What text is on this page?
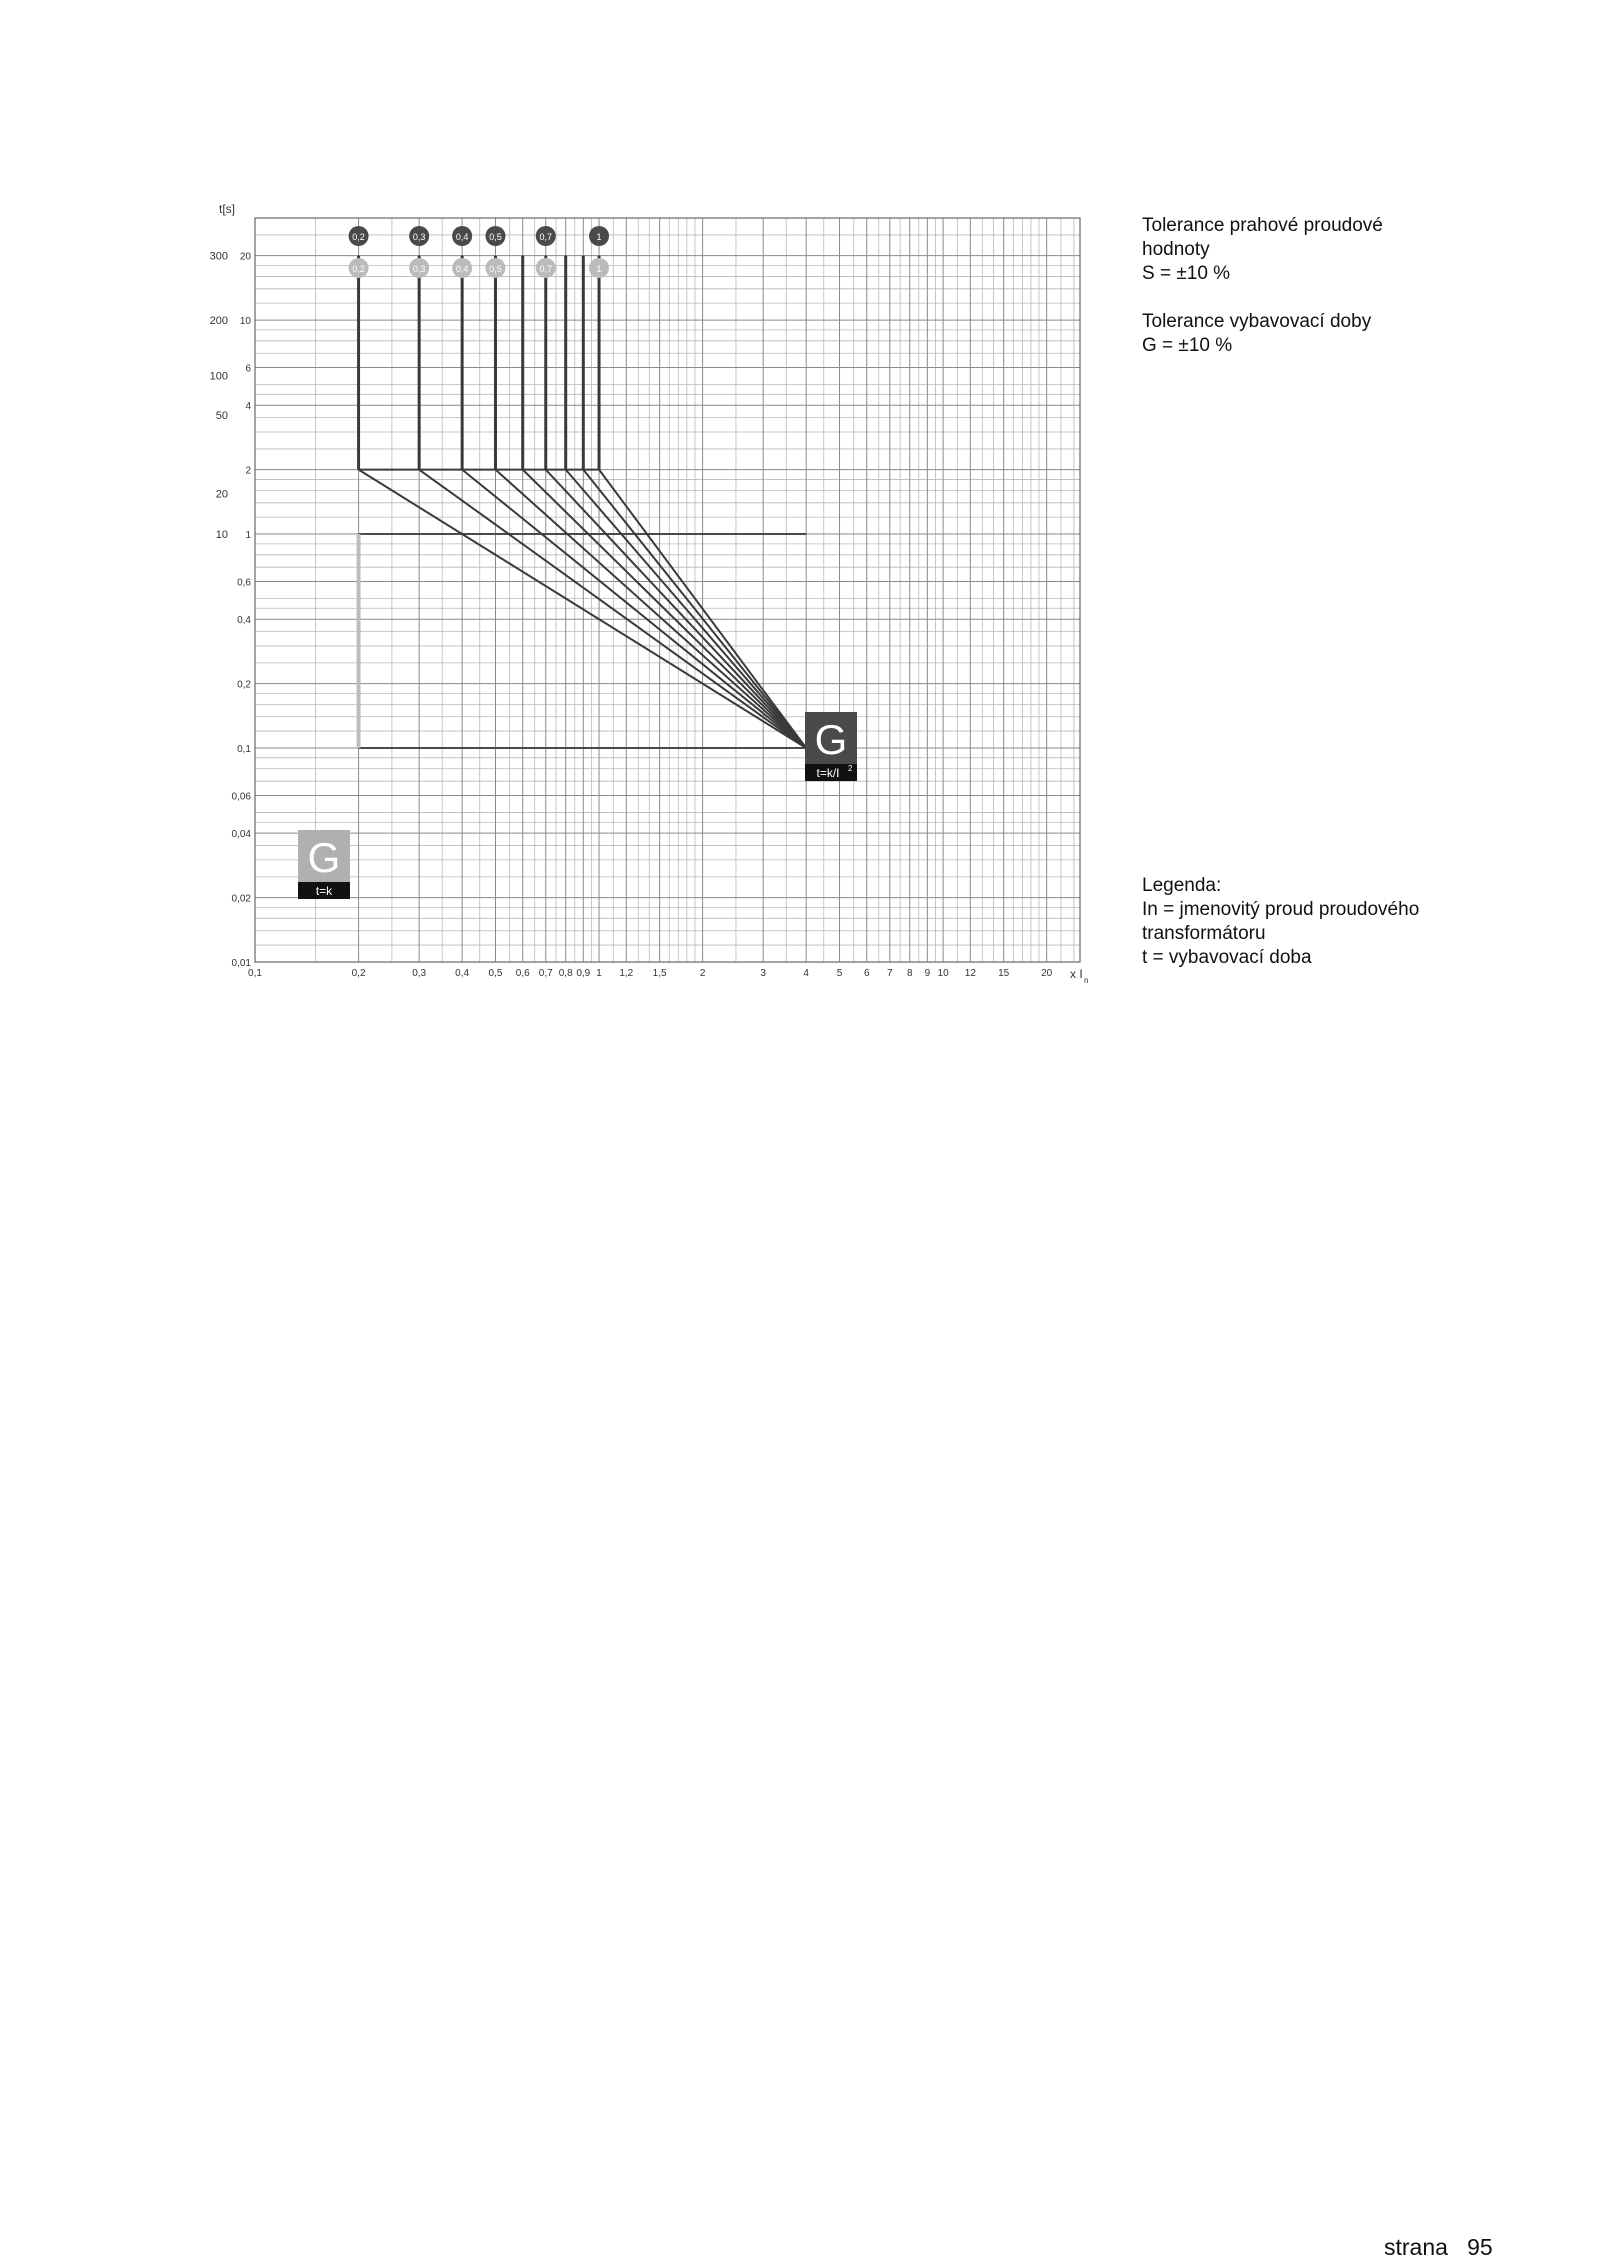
0,1	0,2	0,3	0,4 0,5 0,6 0,7 0,8 0,9 1 1,2 1,5	2	3	4	5 6 7 8 9 10 12 15	20
0,01
0,02
0,04
0,06
0,1
0,2
0,4
0,6
1
2
4
6
10
20
300
200
100
50
20
10
t[s]
x I n
0,2	0,3	0,4 0,5	0,7	1
0,2	0,3	0,4 0,5	0,7	1
G
t=k
G
t=k/I 2
Tolerance prahové proudové
hodnoty
S = ±10 %
Tolerance vybavovací doby
G = ±10 %
Legenda:
In = jmenovitý proud proudového
transformátoru
t = vybavovací doba
strana   95
